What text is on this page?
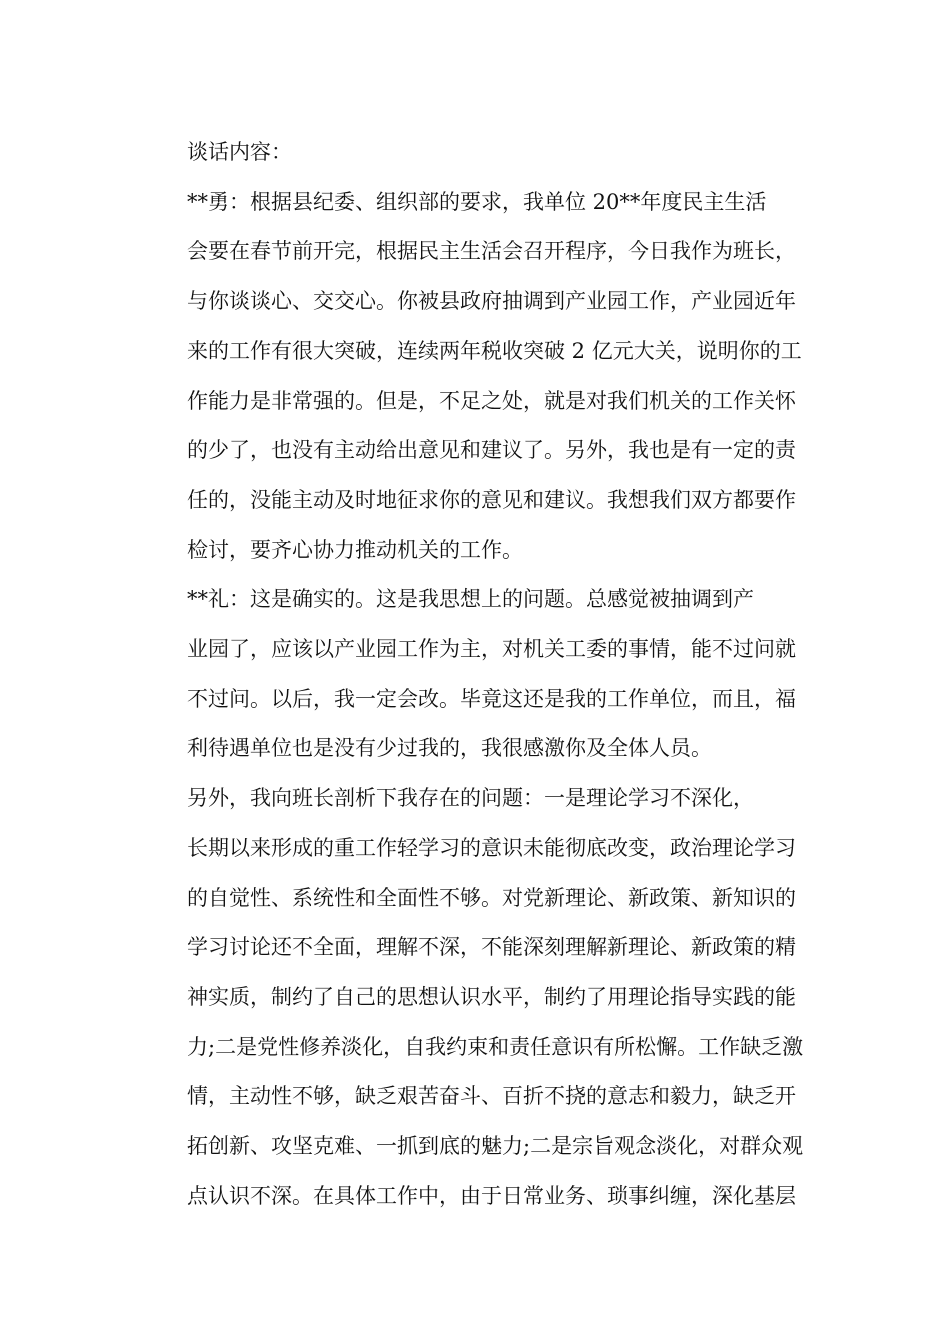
谈话内容：

**勇：根据县纪委、组织部的要求，我单位 20**年度民主生活
会要在春节前开完，根据民主生活会召开程序，今日我作为班长，
与你谈谈心、交交心。你被县政府抽调到产业园工作，产业园近年
来的工作有很大突破，连续两年税收突破 2 亿元大关，说明你的工
作能力是非常强的。但是，不足之处，就是对我们机关的工作关怀
的少了，也没有主动给出意见和建议了。另外，我也是有一定的责
任的，没能主动及时地征求你的意见和建议。我想我们双方都要作
检讨，要齐心协力推动机关的工作。

**礼：这是确实的。这是我思想上的问题。总感觉被抽调到产
业园了，应该以产业园工作为主，对机关工委的事情，能不过问就
不过问。以后，我一定会改。毕竟这还是我的工作单位，而且，福
利待遇单位也是没有少过我的，我很感激你及全体人员。

另外，我向班长剖析下我存在的问题：一是理论学习不深化，
长期以来形成的重工作轻学习的意识未能彻底改变，政治理论学习
的自觉性、系统性和全面性不够。对党新理论、新政策、新知识的
学习讨论还不全面，理解不深，不能深刻理解新理论、新政策的精
神实质，制约了自己的思想认识水平，制约了用理论指导实践的能
力;二是党性修养淡化，自我约束和责任意识有所松懈。工作缺乏激
情，主动性不够，缺乏艰苦奋斗、百折不挠的意志和毅力，缺乏开
拓创新、攻坚克难、一抓到底的魅力;二是宗旨观念淡化，对群众观
点认识不深。在具体工作中，由于日常业务、琐事纠缠，深化基层
